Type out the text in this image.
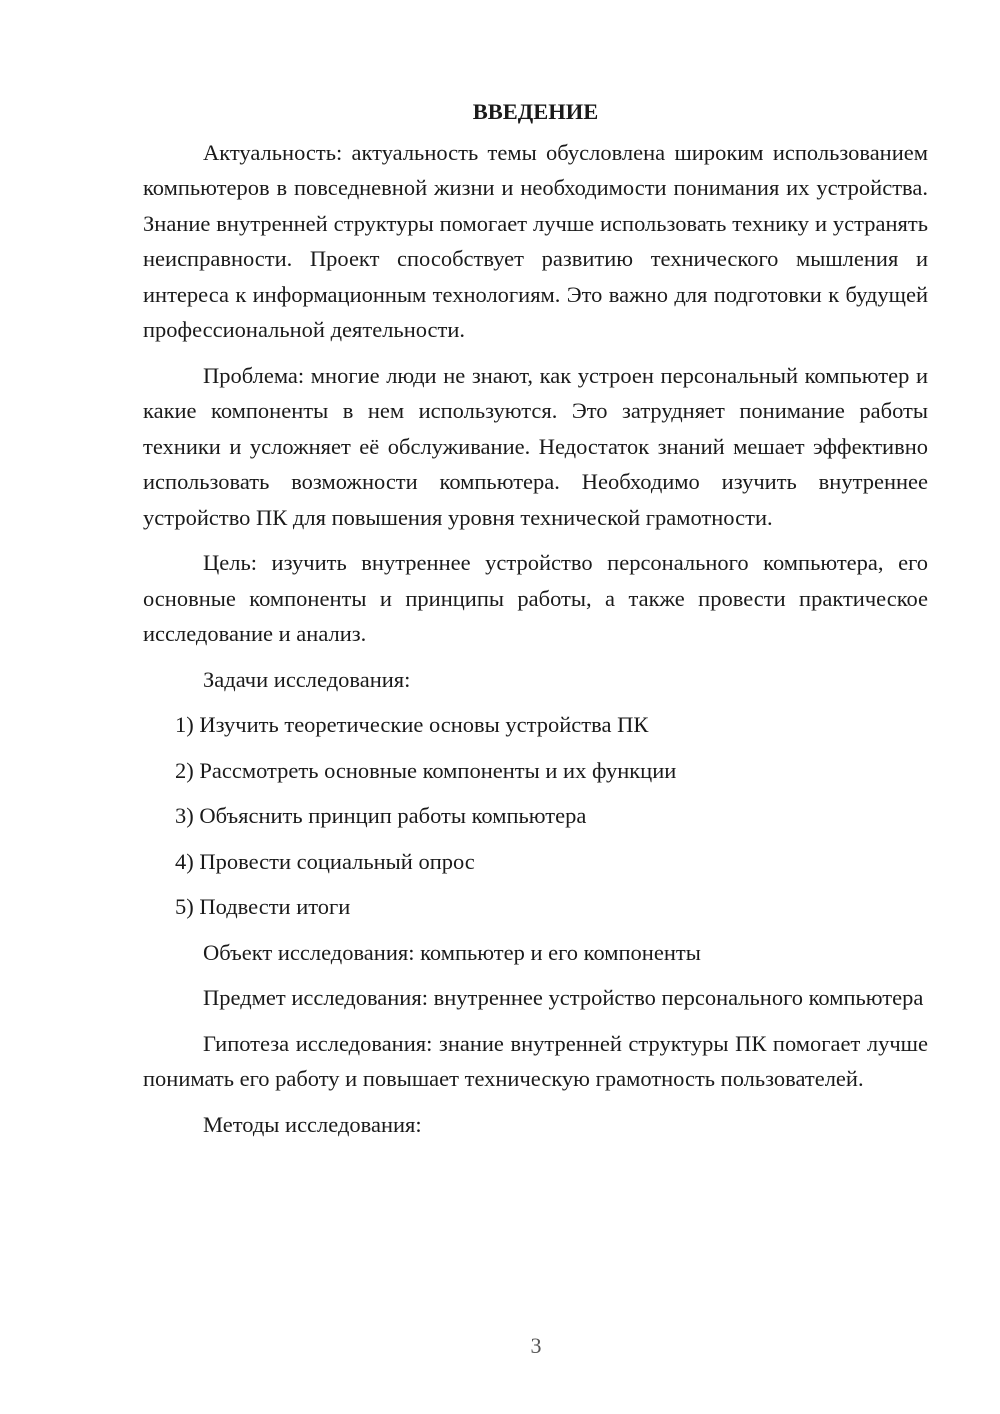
ВВЕДЕНИЕ

Актуальность: актуальность темы обусловлена широким использованием компьютеров в повседневной жизни и необходимости понимания их устройства. Знание внутренней структуры помогает лучше использовать технику и устранять неисправности. Проект способствует развитию технического мышления и интереса к информационным технологиям. Это важно для подготовки к будущей профессиональной деятельности.

Проблема: многие люди не знают, как устроен персональный компьютер и какие компоненты в нем используются. Это затрудняет понимание работы техники и усложняет её обслуживание. Недостаток знаний мешает эффективно использовать возможности компьютера. Необходимо изучить внутреннее устройство ПК для повышения уровня технической грамотности.

Цель: изучить внутреннее устройство персонального компьютера, его основные компоненты и принципы работы, а также провести практическое исследование и анализ.

Задачи исследования:

1) Изучить теоретические основы устройства ПК
2) Рассмотреть основные компоненты и их функции
3) Объяснить принцип работы компьютера
4) Провести социальный опрос
5) Подвести итоги

Объект исследования: компьютер и его компоненты

Предмет исследования: внутреннее устройство персонального компьютера

Гипотеза исследования: знание внутренней структуры ПК помогает лучше понимать его работу и повышает техническую грамотность пользователей.

Методы исследования:

3
